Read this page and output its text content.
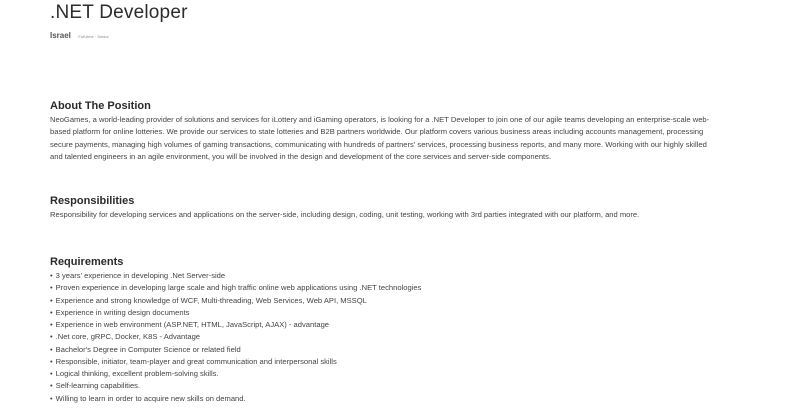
.NET Developer
Israel Full-time · Senior
About The Position

NeoGames, a world-leading provider of solutions and services for iLottery and iGaming operators, is looking for a .NET Developer to join one of our agile teams developing an enterprise-scale web-based platform for online lotteries. We provide our services to state lotteries and B2B partners worldwide. Our platform covers various business areas including accounts management, processing secure payments, managing high volumes of gaming transactions, communicating with hundreds of partners' services, processing business reports, and many more. Working with our highly skilled and talented engineers in an agile environment, you will be involved in the design and development of the core services and server-side components.

Responsibilities

Responsibility for developing services and applications on the server-side, including design, coding, unit testing, working with 3rd parties integrated with our platform, and more.

Requirements
• 3 years' experience in developing .Net Server-side
• Proven experience in developing large scale and high traffic online web applications using .NET technologies
• Experience and strong knowledge of WCF, Multi-threading, Web Services, Web API, MSSQL
• Experience in writing design documents
• Experience in web environment (ASP.NET, HTML, JavaScript, AJAX) - advantage
• .Net core, gRPC, Docker, K8S - Advantage
• Bachelor's Degree in Computer Science or related field
• Responsible, initiator, team-player and great communication and interpersonal skills
• Logical thinking, excellent problem-solving skills.
• Self-learning capabilities.
• Willing to learn in order to acquire new skills on demand.
